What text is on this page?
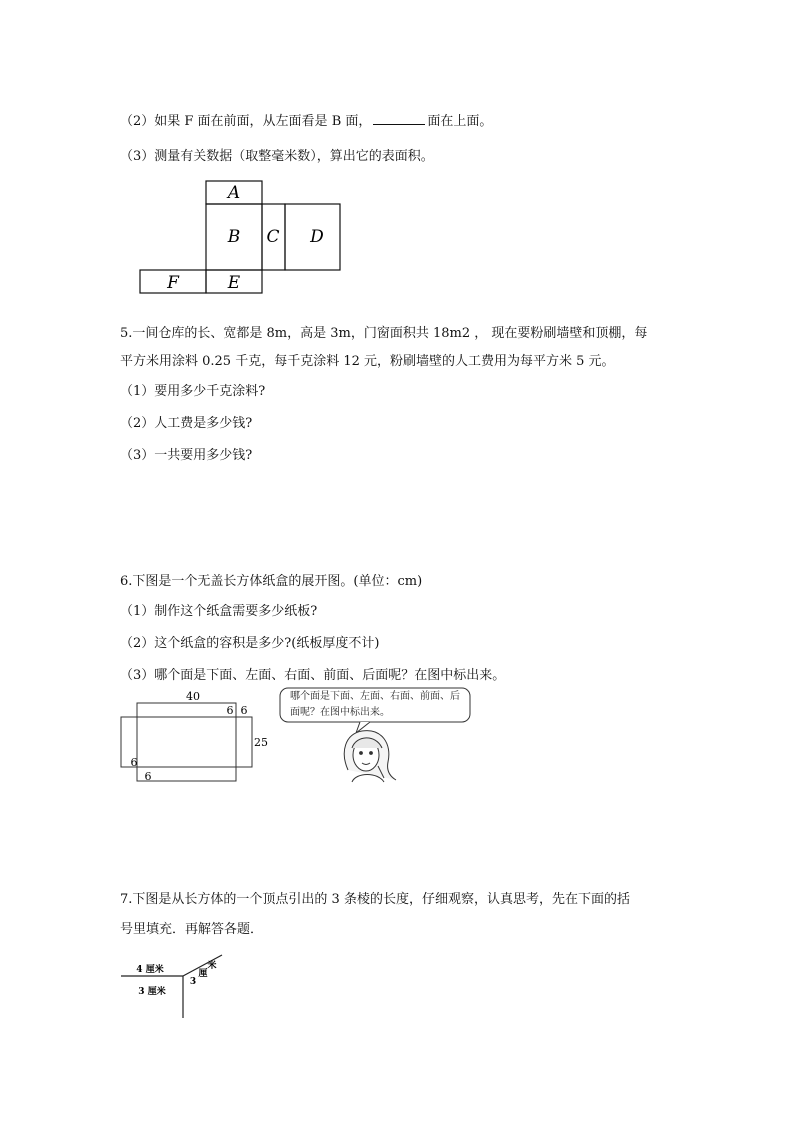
（2）如果 F 面在前面，从左面看是 B 面，	面在上面。
（3）测量有关数据（取整毫米数），算出它的表面积。
A
B C D
E
F
5.一间仓库的长、宽都是 8m，高是 3m，门窗面积共 18m2 ， 现在要粉刷墙壁和顶棚，每
平方米用涂料 0.25 千克，每千克涂料 12 元，粉刷墙壁的人工费用为每平方米 5 元。
（1）要用多少千克涂料?
（2）人工费是多少钱?
（3）一共要用多少钱?
6.下图是一个无盖长方体纸盒的展开图。(单位：cm)
（1）制作这个纸盒需要多少纸板?
（2）这个纸盒的容积是多少?(纸板厚度不计)
（3）哪个面是下面、左面、右面、前面、后面呢？在图中标出来。
40
6 6
25
6
6
哪个面是下面、左面、右面、前面、后面呢？在图中标出来。
7.下图是从长方体的一个顶点引出的 3 条棱的长度，仔细观察，认真思考，先在下面的括
号里填充．再解答各题．
4 厘米
3 厘米
3
厘
米
